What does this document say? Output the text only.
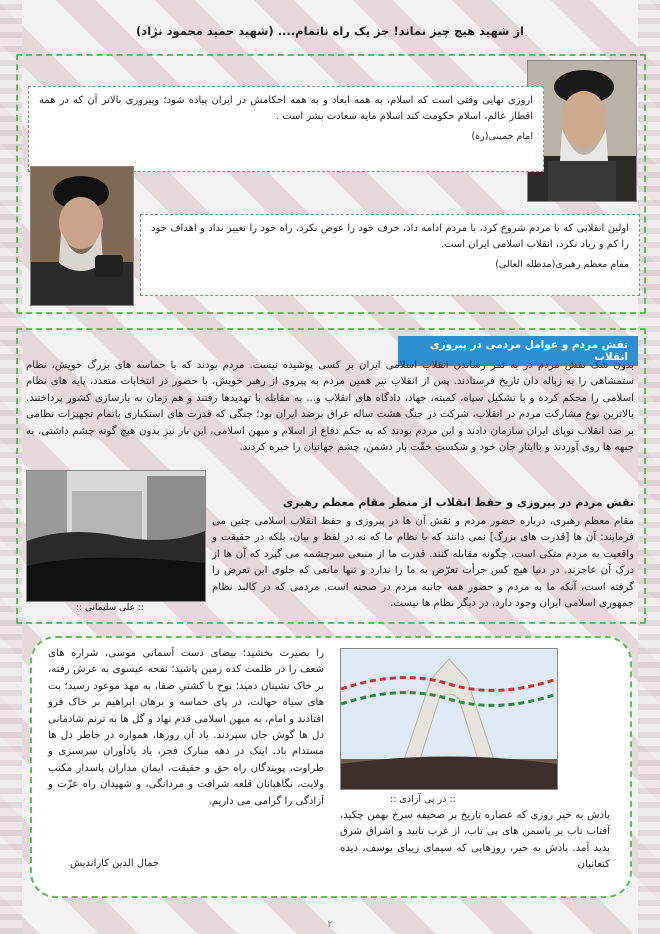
از شهید هیچ چیز نماند! جز یک راه ناتمام.... (شهید حمید محمود نژاد)
اروزی نهایی وقتی است که اسلام، به همه ابعاد و به همه احکامش در ایران پیاده شود؛ وپیروزی بالاتر آن که در همه اقطار عالم، اسلام حکومت کند اسلام مایه سعادت بشر است .
امام خمینی(ره)
اولین انقلابی که با مردم شروع کرد، با مردم ادامه داد، حرف خود را عوض نکرد، راه خود را تغییر نداد و اهداف خود را کم و زیاد نکرد، انقلاب اسلامی ایران است.
مقام معظم رهبری(مدظله العالی)
نقش مردم و عوامل مردمی در پیروزی انقلاب
بدون شک نقش مردم در به ثمر رساندن انقلاب اسلامی ایران بر کسی پوشیده نیست. مردم بودند که با حماسه های بزرگ خویش، نظام ستمشاهی را به زباله دان تاریخ فرستادند. پس از انقلاب نیز همین مردم به پیروی از رهبر خویش، با حضور در انتخابات متعدد، پایه های نظام اسلامی را محکم کرده و با تشکیل سپاه، کمیته، جهاد، دادگاه های انقلاب و... به مقابله با تهدیدها رفتند و هم زمان به بازسازی کشور پرداختند. بالاترین نوع مشارکت مردم در انقلاب، شرکت در جنگ هشت ساله عراق برضد ایران بود؛ جنگی که قدرت های استکباری باتمام تجهیزات نظامی بر ضد انقلاب نوپای ایران سازمان دادند و این مردم بودند که به حکم دفاع از اسلام و میهن اسلامی، این بار نیز بدون هیچ گونه چشم داشتی، به جبهه ها روی آوردند و باایثار جان خود و شکستِ خفّت بار دشمن، چشم جهانیان را خیره کردند.
نقش مردم در پیروزی و حفظ انقلاب از منظر مقام معظم رهبری
مقام معظم رهبری، درباره حضور مردم و نقش آن ها در پیروزی و حفظ انقلاب اسلامی چنین می فرمایند: آن ها [قدرت های بزرگ] نمی دانند که با نظام ما که نه در لفظ و بیان، بلکه در حقیقت و واقعیت به مردم متکی است، چگونه مقابله کنند. قدرت ما از منبعی سرچشمه می گیرد که آن ها از درک آن عاجزند. در دنیا هیچ کس جرأت تعرّض به ما را ندارد و تنها مانعی که جلوی این تعرض را گرفته است، آنکه ما به مردم و حضور همه جانبه مردم در صحنه است. مردمی که در کالبد نظام جمهوری اسلامی ایران وجود دارد، در دیگر نظام ها نیست.
:: علی سلیمانی ::
را بصیرت بخشید؛ بیضای دست آسمانی موسی، شراره های شعف را در ظلمت کده زمین پاشید؛ نفحه عیسوی به عرش رفته، بر خاک نشینان دمید؛ نوح با کشتیِ صفا، به مهد موعود رسید؛ بت های سیاه جهالت، در پای حماسه و برهان ابراهیم بر خاک فرو افتادند و امام، به میهن اسلامی قدم نهاد و گل ها به ترنم شادمانی دل ها گوش جان سپردند. یاد آن روزها، همواره در خاطر دل ها مستدام باد. اینک در دهه مبارک فجر، یاد یادآوران سرسبزی و طراوت، پویندگان راه حق و حقیقت، ایمان مداران پاسدار مکتب ولایت، نگاهبانان قلعه شرافت و مردانگی، و شهیدان راه عزّت و آزادگی را گرامی می داریم.
جمال الدین کاراندیش
:: در پی آزادی ::
یادش به خیر روزی که عصاره تاریخ بر صحیفه سرخ بهمن چکید، آفتاب ناب بر یاسمن های بی تاب، از غرب تابید و اشراق شرق پدید آمد. یادش به خیر، روزهایی که سیمای زیبای یوسف، دیده کنعانیان
۲
